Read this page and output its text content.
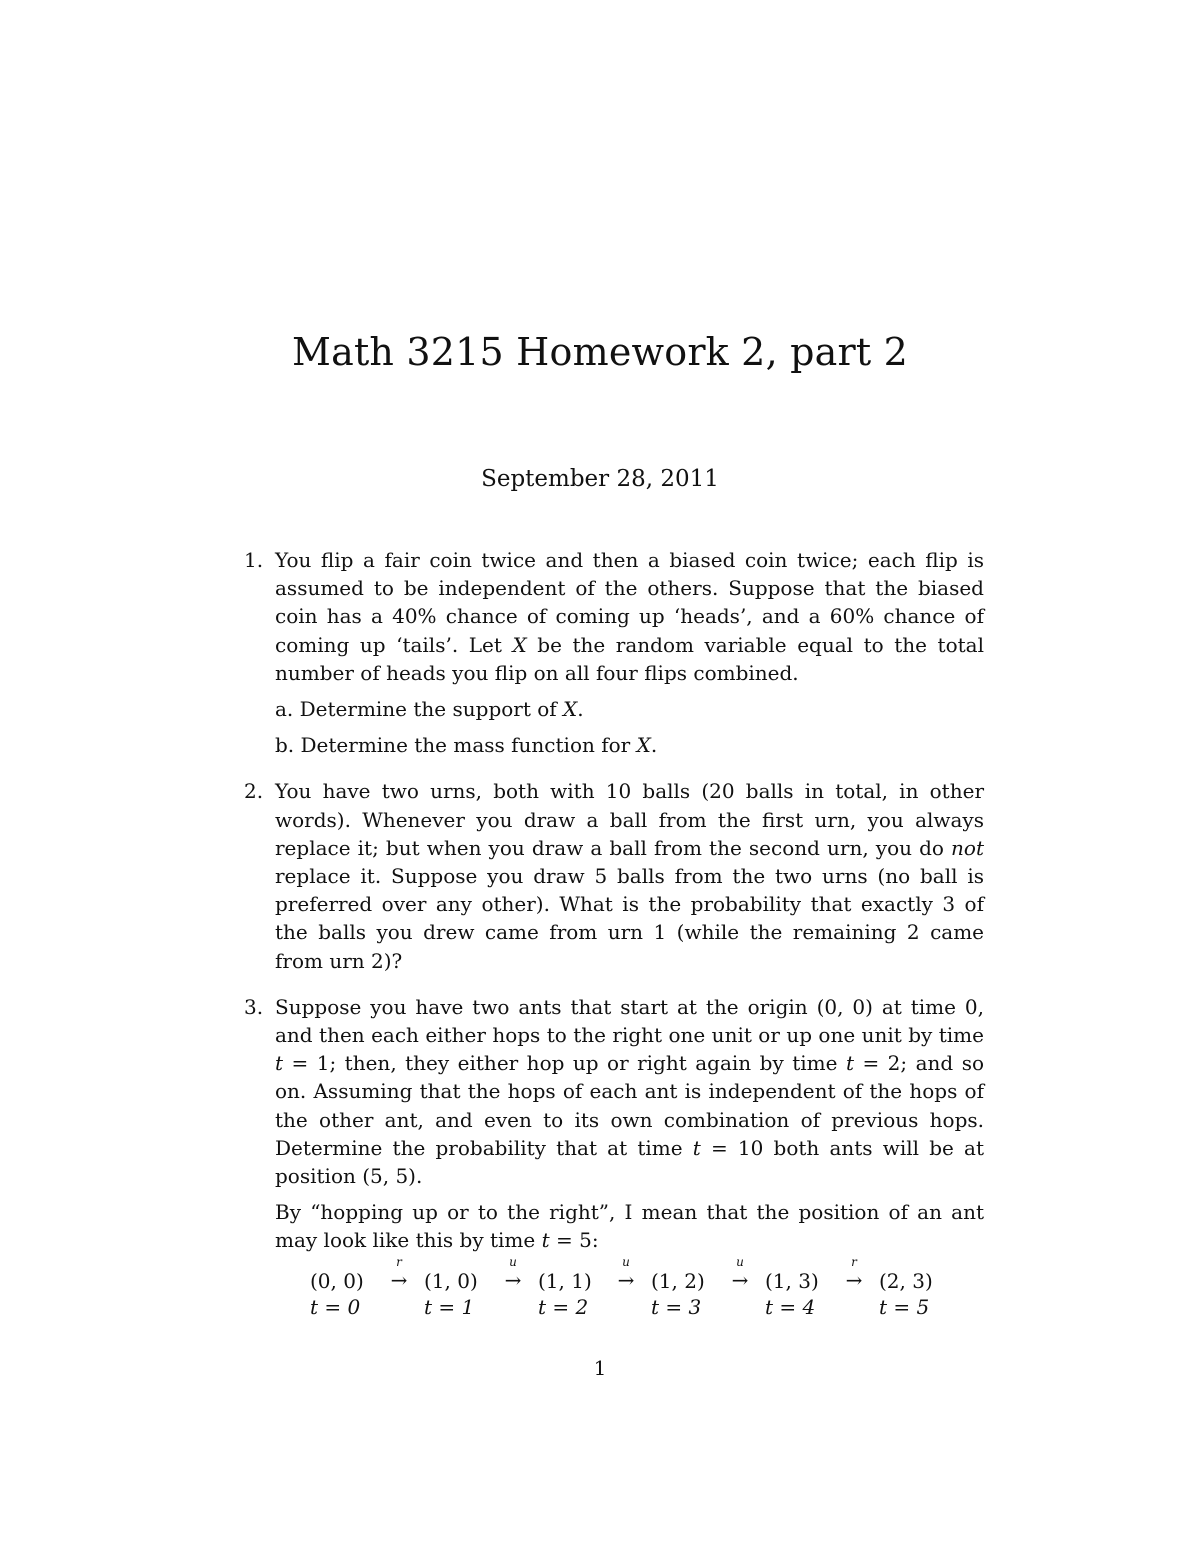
Math 3215 Homework 2, part 2
September 28, 2011
1. You flip a fair coin twice and then a biased coin twice; each flip is assumed to be independent of the others. Suppose that the biased coin has a 40% chance of coming up ‘heads’, and a 60% chance of coming up ‘tails’. Let X be the random variable equal to the total number of heads you flip on all four flips combined.

a. Determine the support of X.

b. Determine the mass function for X.

2. You have two urns, both with 10 balls (20 balls in total, in other words). Whenever you draw a ball from the first urn, you always replace it; but when you draw a ball from the second urn, you do not replace it. Suppose you draw 5 balls from the two urns (no ball is preferred over any other). What is the probability that exactly 3 of the balls you drew came from urn 1 (while the remaining 2 came from urn 2)?

3. Suppose you have two ants that start at the origin (0, 0) at time 0, and then each either hops to the right one unit or up one unit by time t = 1; then, they either hop up or right again by time t = 2; and so on. Assuming that the hops of each ant is independent of the hops of the other ant, and even to its own combination of previous hops. Determine the probability that at time t = 10 both ants will be at position (5, 5).

By “hopping up or to the right”, I mean that the position of an ant may look like this by time t = 5:

(0, 0)
t = 0
r
→ (1, 0)
t = 1
u
→ (1, 1)
t = 2
u
→ (1, 2)
t = 3
u
→ (1, 3)
t = 4
r
→ (2, 3)
t = 5
1
